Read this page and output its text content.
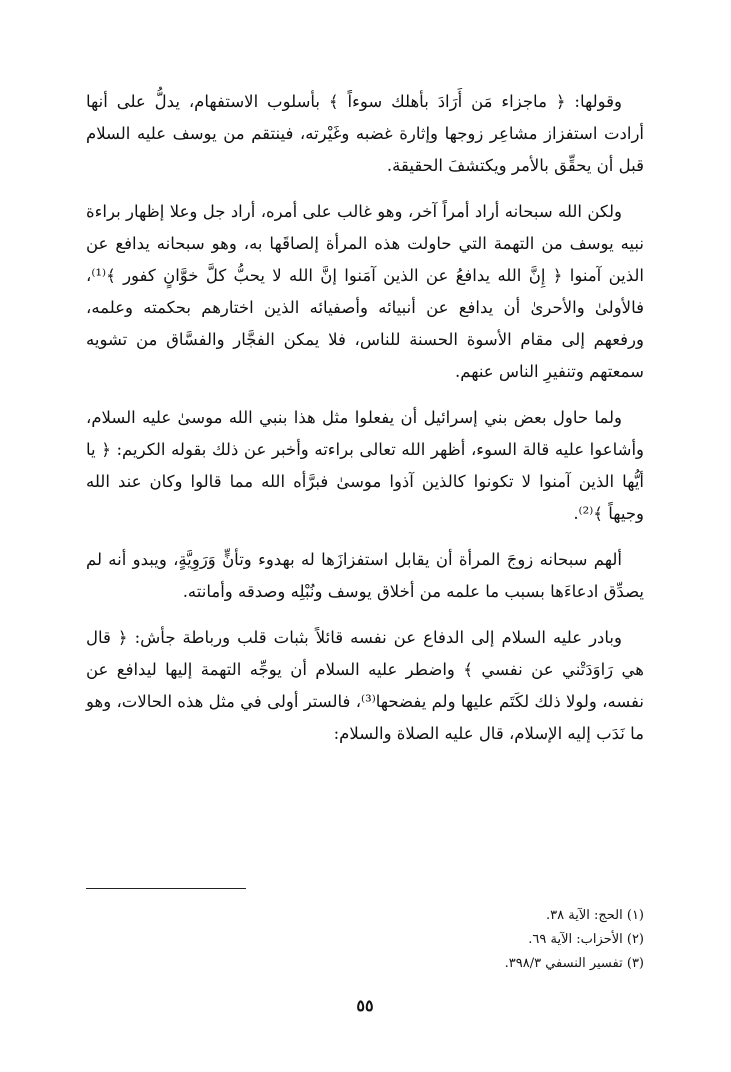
وقولها: ﴿ ماجزاء مَن أَرَادَ بأهلك سوءاً ﴾ بأسلوب الاستفهام، يدلُّ على أنها أرادت استفزاز مشاعِر زوجها وإثارة غضبه وغَيْرته، فينتقم من يوسف عليه السلام قبل أن يحقِّق بالأمر ويكتشفَ الحقيقة.

ولكن الله سبحانه أراد أمراً آخر، وهو غالب على أمره، أراد جل وعلا إظهار براءة نبيه يوسف من التهمة التي حاولت هذه المرأة إلصاقَها به، وهو سبحانه يدافع عن الذين آمنوا ﴿ إِنَّ الله يدافعُ عن الذين آمَنوا إنَّ الله لا يحبُّ كلَّ خوَّانٍ كفور ﴾⁽¹⁾، فالأولىٰ والأحرىٰ أن يدافع عن أنبيائه وأصفيائه الذين اختارهم بحكمته وعلمه، ورفعهم إلى مقام الأسوة الحسنة للناس، فلا يمكن الفجَّار والفسَّاق من تشويه سمعتهم وتنفيرِ الناس عنهم.

ولما حاول بعض بني إسرائيل أن يفعلوا مثل هذا بنبي الله موسىٰ عليه السلام، وأشاعوا عليه قالة السوء، أظهر الله تعالى براءته وأخبر عن ذلك بقوله الكريم: ﴿ يا أيُّها الذين آمنوا لا تكونوا كالذين آذوا موسىٰ فبرَّأه الله مما قالوا وكان عند الله وجيهاً ﴾⁽²⁾.

ألهم سبحانه زوجَ المرأة أن يقابل استفزازَها له بهدوء وتأنٍّ وَرَوِيَّةٍ، ويبدو أنه لم يصدِّق ادعاءَها بسبب ما علمه من أخلاق يوسف ونُبْلِه وصدقه وأمانته.

وبادر عليه السلام إلى الدفاع عن نفسه قائلاً بثبات قلب ورباطة جأش: ﴿ قال هي رَاوَدَتْني عن نفسي ﴾ واضطر عليه السلام أن يوجِّه التهمة إليها ليدافع عن نفسه، ولولا ذلك لكَتَم عليها ولم يفضحها⁽³⁾، فالستر أولى في مثل هذه الحالات، وهو ما نَدَب إليه الإسلام، قال عليه الصلاة والسلام:

(١) الحج: الآية ٣٨.

(٢) الأحزاب: الآية ٦٩.

(٣) تفسير النسفي ٣٩٨/٣.

٥٥
